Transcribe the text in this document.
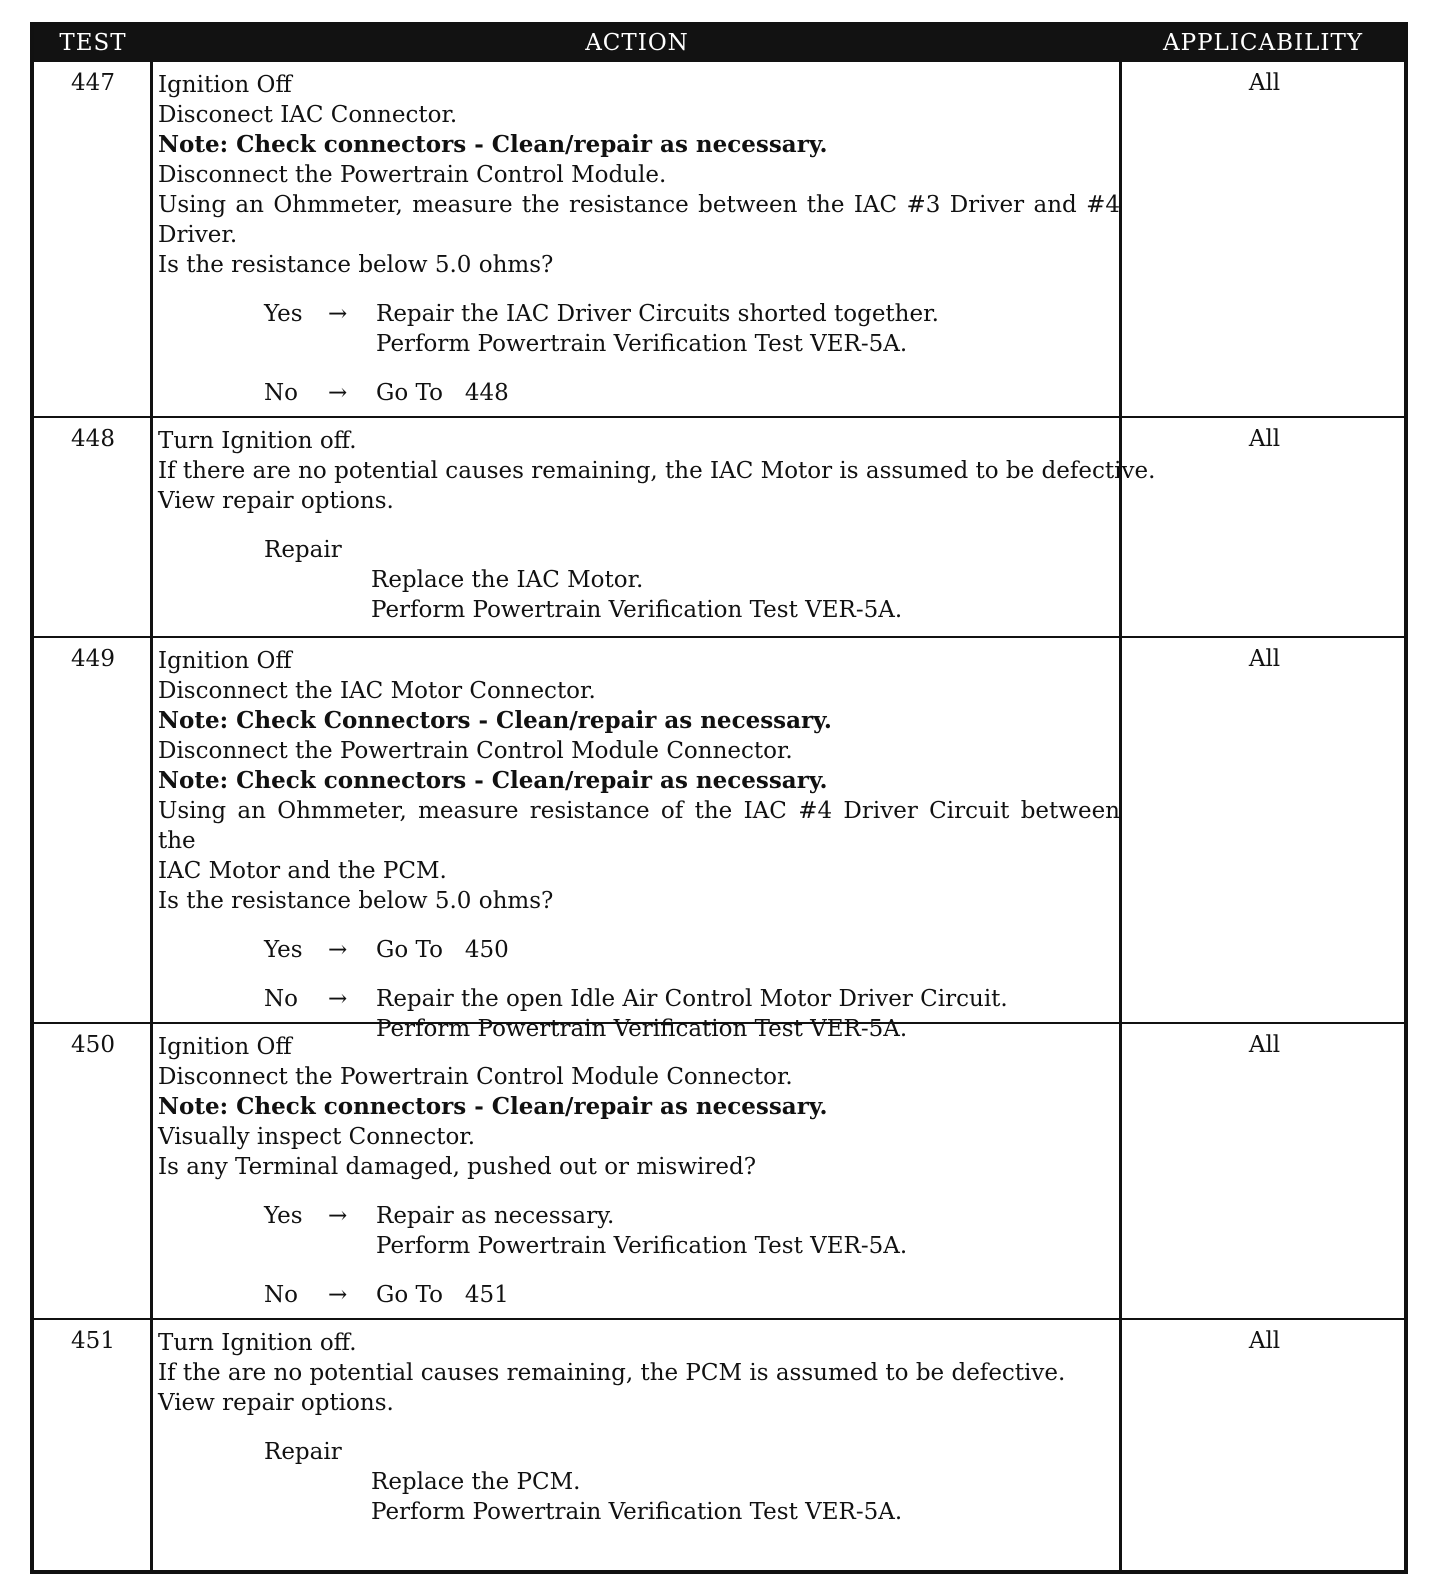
TEST	ACTION	APPLICABILITY
447	Ignition Off
Disconect IAC Connector.
Note: Check connectors - Clean/repair as necessary.
Disconnect the Powertrain Control Module.
Using an Ohmmeter, measure the resistance between the IAC #3 Driver and #4
Driver.
Is the resistance below 5.0 ohms?
Yes → Repair the IAC Driver Circuits shorted together.
Perform Powertrain Verification Test VER-5A.
No → Go To   448
All
448	Turn Ignition off.
If there are no potential causes remaining, the IAC Motor is assumed to be defective.
View repair options.
Repair
Replace the IAC Motor.
Perform Powertrain Verification Test VER-5A.
All
449	Ignition Off
Disconnect the IAC Motor Connector.
Note: Check Connectors - Clean/repair as necessary.
Disconnect the Powertrain Control Module Connector.
Note: Check connectors - Clean/repair as necessary.
Using an Ohmmeter, measure resistance of the IAC #4 Driver Circuit between the
IAC Motor and the PCM.
Is the resistance below 5.0 ohms?
Yes → Go To   450
No → Repair the open Idle Air Control Motor Driver Circuit.
Perform Powertrain Verification Test VER-5A.
All
450	Ignition Off
Disconnect the Powertrain Control Module Connector.
Note: Check connectors - Clean/repair as necessary.
Visually inspect Connector.
Is any Terminal damaged, pushed out or miswired?
Yes → Repair as necessary.
Perform Powertrain Verification Test VER-5A.
No → Go To   451
All
451	Turn Ignition off.
If the are no potential causes remaining, the PCM is assumed to be defective.
View repair options.
Repair
Replace the PCM.
Perform Powertrain Verification Test VER-5A.
All
